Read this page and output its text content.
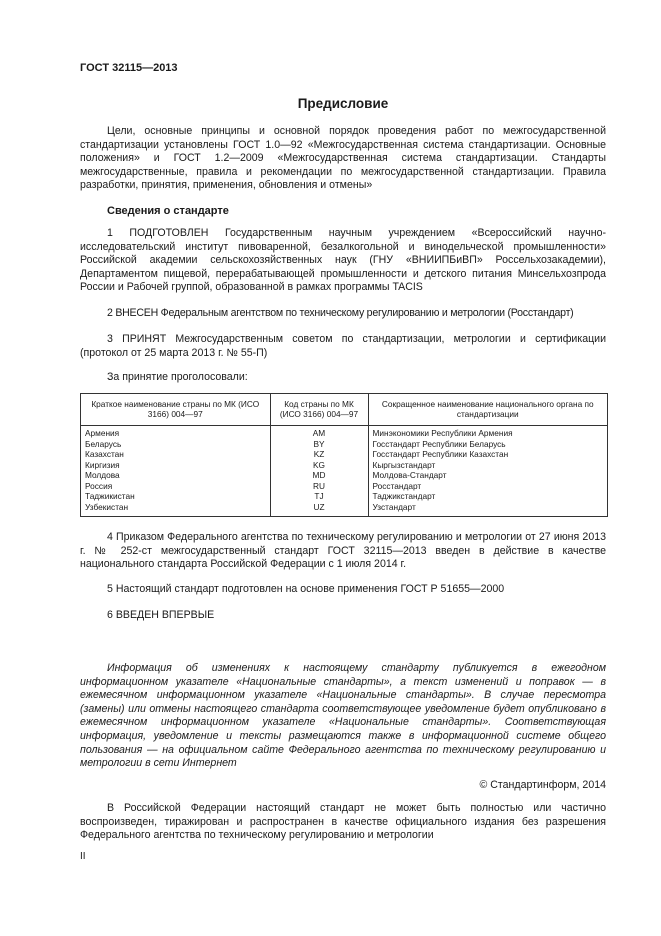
ГОСТ 32115—2013
Предисловие
Цели, основные принципы и основной порядок проведения работ по межгосударственной стандартизации установлены ГОСТ 1.0—92 «Межгосударственная система стандартизации. Основные положения» и ГОСТ 1.2—2009 «Межгосударственная система стандартизации. Стандарты межгосударственные, правила и рекомендации по межгосударственной стандартизации. Правила разработки, принятия, применения, обновления и отмены»
Сведения о стандарте
1 ПОДГОТОВЛЕН Государственным научным учреждением «Всероссийский научно-исследовательский институт пивоваренной, безалкогольной и винодельческой промышленности» Российской академии сельскохозяйственных наук (ГНУ «ВНИИПБиВП» Россельхозакадемии), Департаментом пищевой, перерабатывающей промышленности и детского питания Минсельхозпрода России и Рабочей группой, образованной в рамках программы TACIS
2 ВНЕСЕН Федеральным агентством по техническому регулированию и метрологии (Росстандарт)
3 ПРИНЯТ Межгосударственным советом по стандартизации, метрологии и сертификации (протокол от 25 марта 2013 г. № 55-П)
За принятие проголосовали:
Краткое наименование страны по МК (ИСО 3166) 004—97	Код страны по МК (ИСО 3166) 004—97	Сокращенное наименование национального органа по стандартизации
Армения	AM	Минэкономики Республики Армения
Беларусь	BY	Госстандарт Республики Беларусь
Казахстан	KZ	Госстандарт Республики Казахстан
Киргизия	KG	Кыргызстандарт
Молдова	MD	Молдова-Стандарт
Россия	RU	Росстандарт
Таджикистан	TJ	Таджикстандарт
Узбекистан	UZ	Узстандарт
4 Приказом Федерального агентства по техническому регулированию и метрологии от 27 июня 2013 г. № 252-ст межгосударственный стандарт ГОСТ 32115—2013 введен в действие в качестве национального стандарта Российской Федерации с 1 июля 2014 г.
5 Настоящий стандарт подготовлен на основе применения ГОСТ Р 51655—2000
6 ВВЕДЕН ВПЕРВЫЕ
Информация об изменениях к настоящему стандарту публикуется в ежегодном информационном указателе «Национальные стандарты», а текст изменений и поправок — в ежемесячном информационном указателе «Национальные стандарты». В случае пересмотра (замены) или отмены настоящего стандарта соответствующее уведомление будет опубликовано в ежемесячном информационном указателе «Национальные стандарты». Соответствующая информация, уведомление и тексты размещаются также в информационной системе общего пользования — на официальном сайте Федерального агентства по техническому регулированию и метрологии в сети Интернет
© Стандартинформ, 2014
В Российской Федерации настоящий стандарт не может быть полностью или частично воспроизведен, тиражирован и распространен в качестве официального издания без разрешения Федерального агентства по техническому регулированию и метрологии
II
